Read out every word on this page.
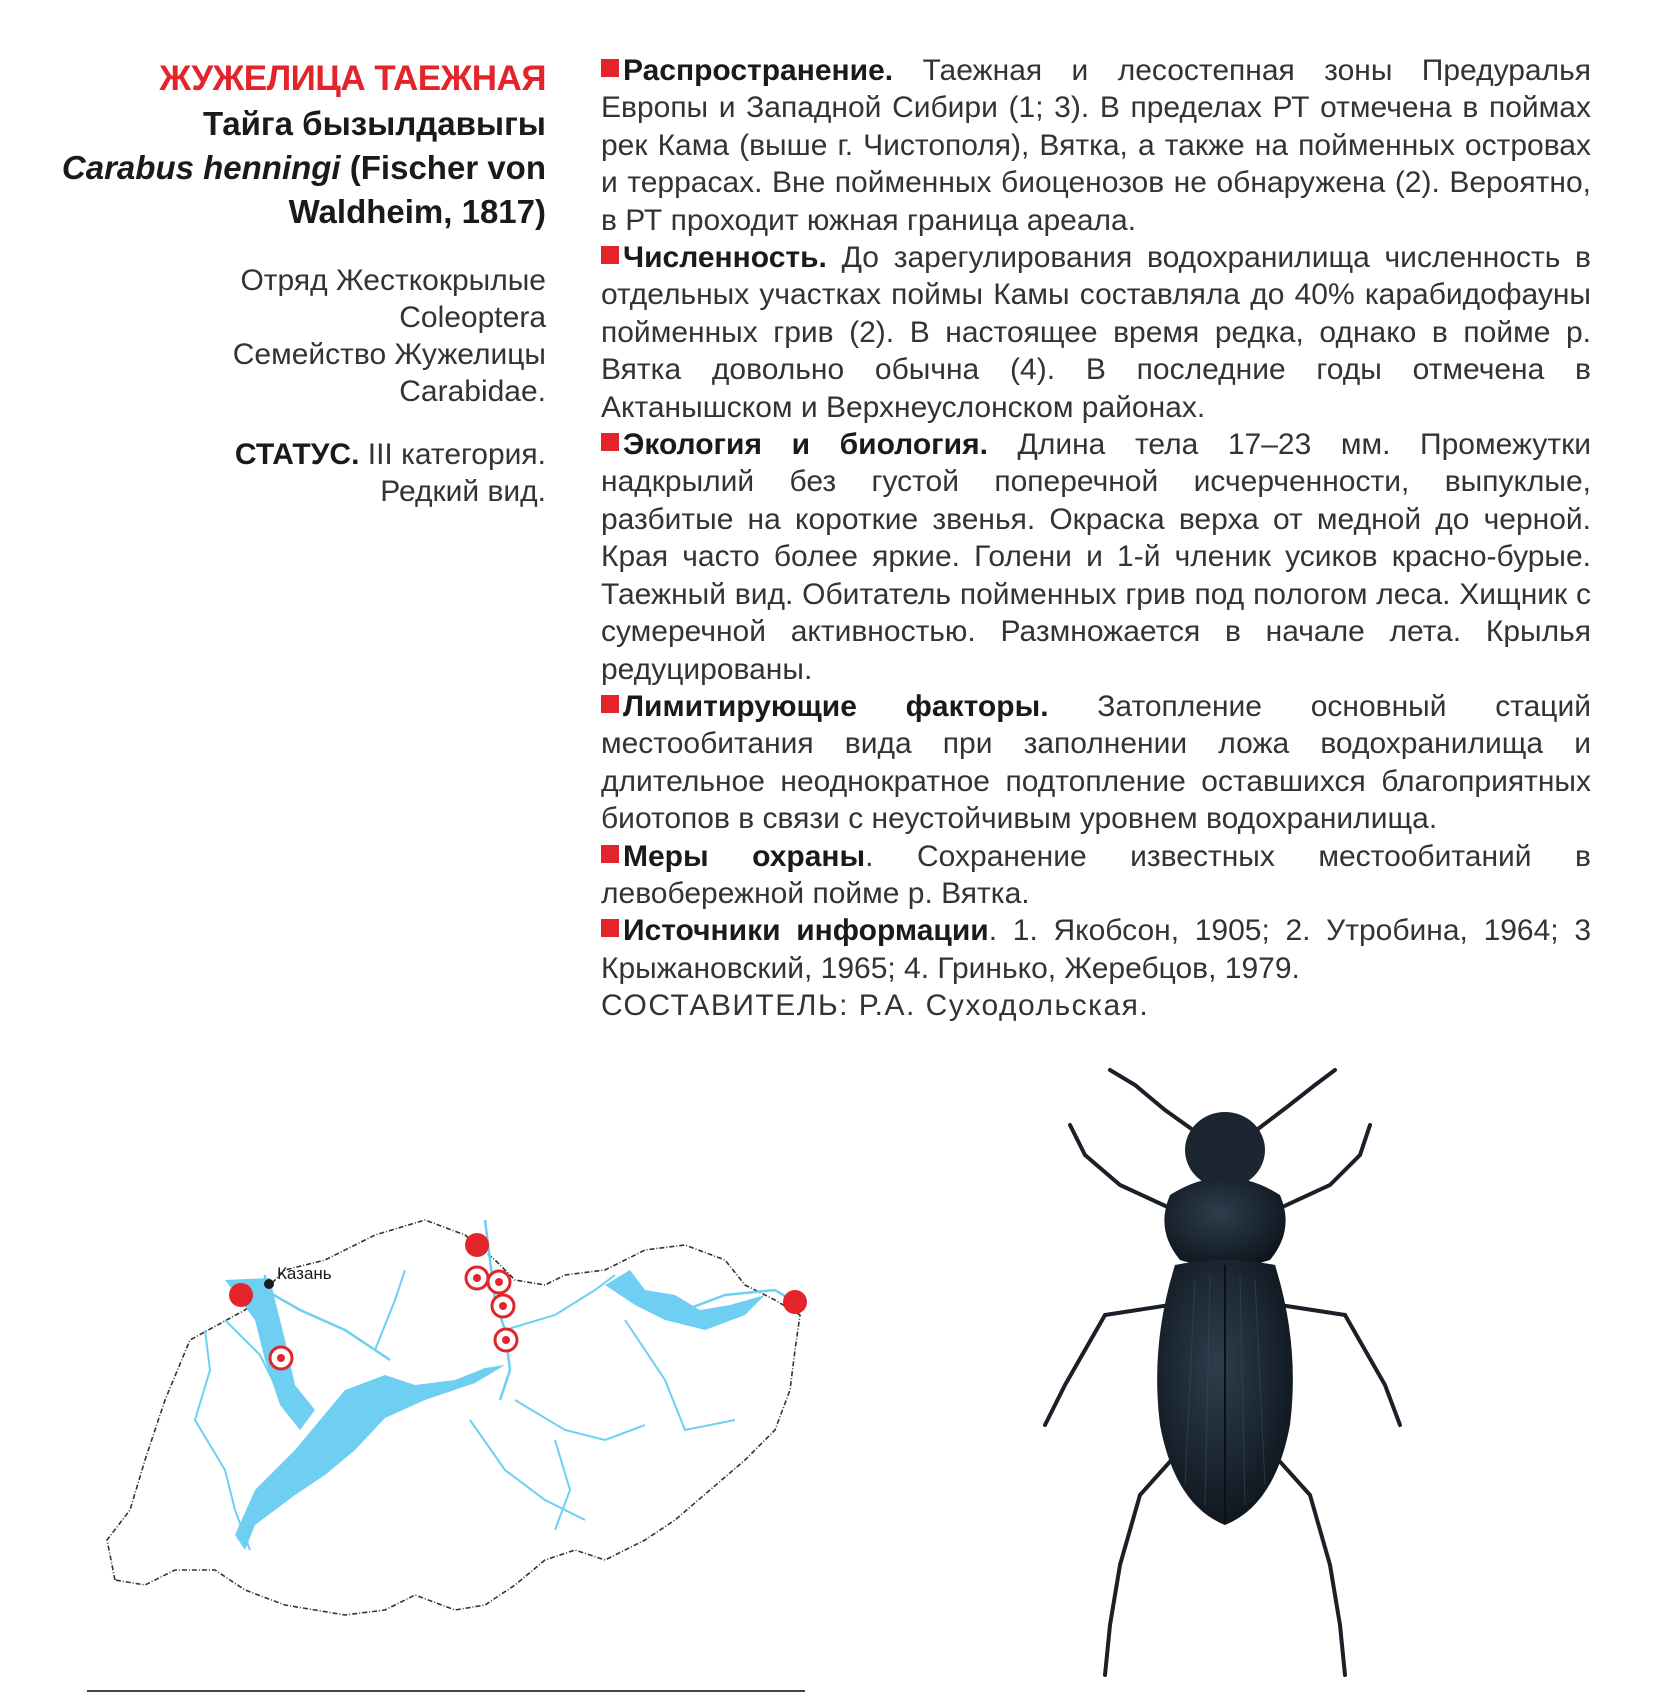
ЖУЖЕЛИЦА ТАЕЖНАЯ
Тайга бызылдавыгы
Carabus henningi (Fischer von
Waldheim, 1817)
Отряд Жесткокрылые
Coleoptera
Семейство Жужелицы
Carabidae.
СТАТУС. III категория.
Редкий вид.

Распространение. Таежная и лесостепная зоны Предуралья Европы и Западной Сибири (1; 3). В пределах РТ отмечена в поймах рек Кама (выше г. Чистополя), Вятка, а также на пойменных островах и террасах. Вне пойменных биоценозов не обнаружена (2). Вероятно, в РТ проходит южная граница ареала.

Численность. До зарегулирования водохранилища численность в отдельных участках поймы Камы составляла до 40% карабидофауны пойменных грив (2). В настоящее время редка, однако в пойме р. Вятка довольно обычна (4). В последние годы отмечена в Актанышском и Верхнеуслонском районах.

Экология и биология. Длина тела 17–23 мм. Промежутки надкрылий без густой поперечной исчерченности, выпуклые, разбитые на короткие звенья. Окраска верха от медной до черной. Края часто более яркие. Голени и 1-й членик усиков красно-бурые. Таежный вид. Обитатель пойменных грив под пологом леса. Хищник с сумеречной активностью. Размножается в начале лета. Крылья редуцированы.

Лимитирующие факторы. Затопление основный стаций местообитания вида при заполнении ложа водохранилища и длительное неоднократное подтопление оставшихся благоприятных биотопов в связи с неустойчивым уровнем водохранилища.

Меры охраны. Сохранение известных местообитаний в левобережной пойме р. Вятка.

Источники информации. 1. Якобсон, 1905; 2. Утробина, 1964; 3 Крыжановский, 1965; 4. Гринько, Жеребцов, 1979.

СОСТАВИТЕЛЬ: Р.А. Суходольская.

Казань
